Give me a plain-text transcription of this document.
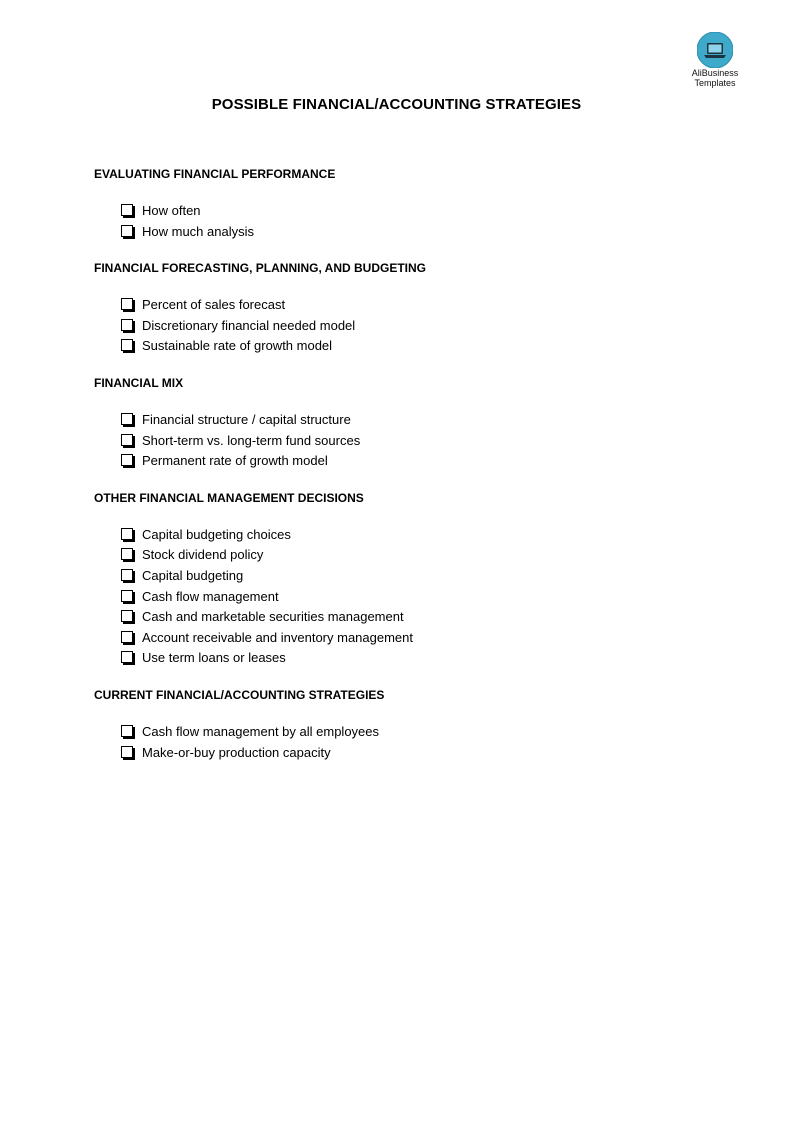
AliBusiness
Templates
POSSIBLE FINANCIAL/ACCOUNTING STRATEGIES
EVALUATING FINANCIAL PERFORMANCE
How often
How much analysis
FINANCIAL FORECASTING, PLANNING, AND BUDGETING
Percent of sales forecast
Discretionary financial needed model
Sustainable rate of growth model
FINANCIAL MIX
Financial structure / capital structure
Short-term vs. long-term fund sources
Permanent rate of growth model
OTHER FINANCIAL MANAGEMENT DECISIONS
Capital budgeting choices
Stock dividend policy
Capital budgeting
Cash flow management
Cash and marketable securities management
Account receivable and inventory management
Use term loans or leases
CURRENT FINANCIAL/ACCOUNTING STRATEGIES
Cash flow management by all employees
Make-or-buy production capacity
